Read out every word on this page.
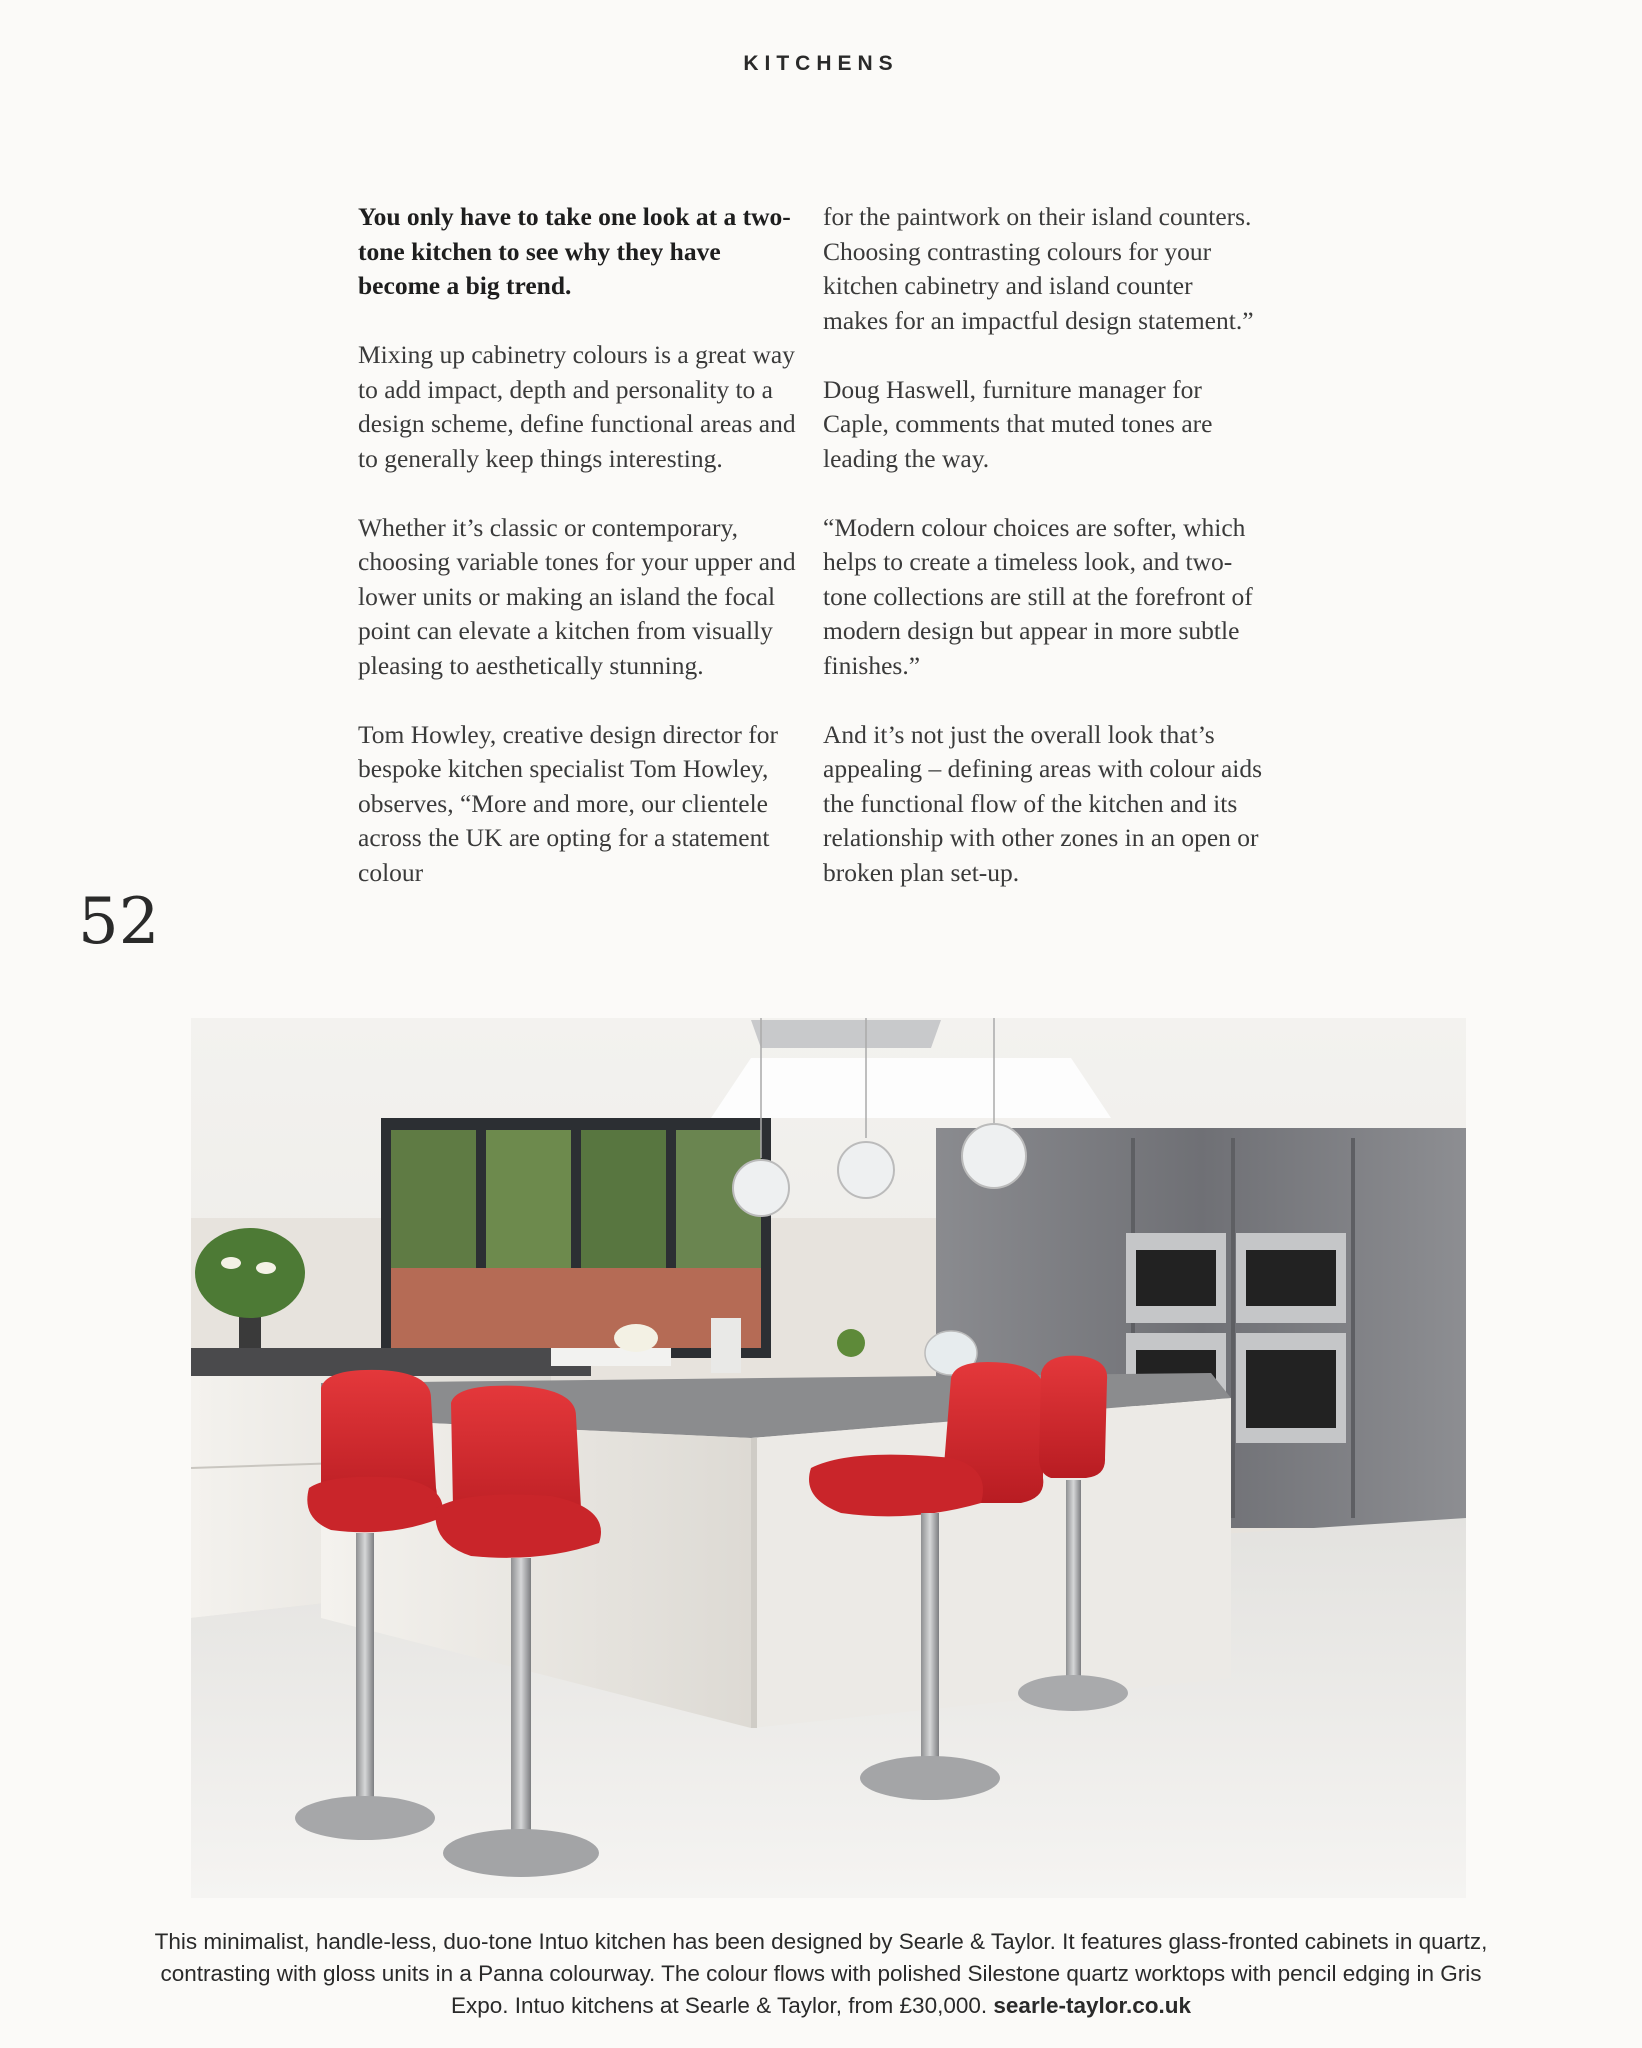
KITCHENS
52

You only have to take one look at a two-tone kitchen to see why they have become a big trend.

Mixing up cabinetry colours is a great way to add impact, depth and personality to a design scheme, define functional areas and to generally keep things interesting.

Whether it’s classic or contemporary, choosing variable tones for your upper and lower units or making an island the focal point can elevate a kitchen from visually pleasing to aesthetically stunning.

Tom Howley, creative design director for bespoke kitchen specialist Tom Howley, observes, “More and more, our clientele across the UK are opting for a statement colour

for the paintwork on their island counters. Choosing contrasting colours for your kitchen cabinetry and island counter makes for an impactful design statement.”

Doug Haswell, furniture manager for Caple, comments that muted tones are leading the way.

“Modern colour choices are softer, which helps to create a timeless look, and two-tone collections are still at the forefront of modern design but appear in more subtle finishes.”

And it’s not just the overall look that’s appealing – defining areas with colour aids the functional flow of the kitchen and its relationship with other zones in an open or broken plan set-up.

This minimalist, handle-less, duo-tone Intuo kitchen has been designed by Searle & Taylor. It features glass-fronted cabinets in quartz, contrasting with gloss units in a Panna colourway. The colour flows with polished Silestone quartz worktops with pencil edging in Gris Expo. Intuo kitchens at Searle & Taylor, from £30,000. searle-taylor.co.uk
